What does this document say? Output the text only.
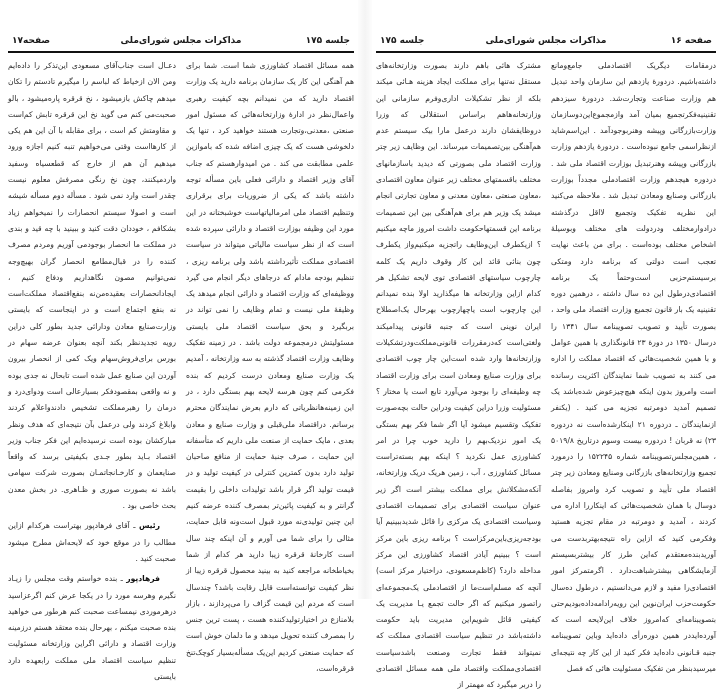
جلسه ۱۷۵
مذاکرات مجلس شورای‌ملی
صفحه۱۷

همه مسائل اقتصاد کشاورزی شما است. شما برای هم آهنگی این کار یک سازمان برنامه دارید یک وزارت اقتصاد دارید که من نمیدانم بچه کیفیت رهبری واعمال‌نظر در ادارهٔ وزارتخانه‌هائی که مسئول امور صنعتی ،معدنی،وتجارت هستند خواهید کرد ، تنها یک دلخوشی هست که یک چیزی اضافه شده که باموازین علمی مطابقت می کند . من امیدوارهستم که جناب آقای وزیر اقتصاد و دارائی فعلی باین مسأله توجه داشته باشد که یکی از ضروریات برای برقراری وتنظیم اقتصاد ملی امرمالیاتهاست خوشبختانه در این مورد این وظیفه بوزارت اقتصاد و دارائی سپرده شده است که از نظر سیاست مالیاتی میتواند در سیاست اقتصادی مملکت تأثیرداشته باشد ولی برنامه ریزی ، تنظیم بودجه مادام که درجاهای دیگر انجام می گیرد ووظیفه‌ای که وزارت اقتصاد و دارائی انجام میدهد یک وظیفهٔ ملی نیست و تمام وظایف را نمی تواند در بربگیرد و بحق سیاست اقتصاد ملی بایستی مسئولیتش درمجموعه دولت باشد . در زمینه تفکیک وظایف وزارت اقتصاد گذشته به سه وزارتخانه ، آمدیم یک وزارت صنایع ومعادن درست کردیم که بنده فکرمی کنم چون هرسه لایحه بهم بستگی دارد ، در این زمینه‌هانظرياتی که دارم بعرض نمایندگان محترم برسانم. دراقتصاد ملی‌قبلی و وزارت صنایع و معادن بعدی ، مایک حمایت از صنعت ملی داریم که متأسفانه این حمایت ، صرف جنبهٔ حمایت از منافع صاحبان تولید دارد بدون کمترین کنترلی در کیفیت تولید و در قیمت تولید اگر قرار باشد تولیدات داخلی را بقیمت گرانتر و به کیفیت پائین‌تر بمصرف کننده عرضه کنیم این چنین تولیدی‌نه مورد قبول است‌ونه قابل حمایت، مثالی را برای شما می آورم و آن اینکه چند سال است کارخانهٔ قرقره زیبا دارید هر کدام از شما بخیاطخانه مراجعه کنید به بینید محصول قرقره زیبا از نظر کیفیت توانسته‌است قابل رقابت باشد؟ چندسال است که مردم این قیمت گزاف را می‌پردازند ، بازار بلامنازع در اختیارتولیدکننده هست ، پست ترین جنس را بمصرف کننده تحویل میدهد و ما دلمان خوش است که حمایت صنعتی کردیم این‌یک مسأله‌بسیار کوچک‌تنخ قرقره‌است،

دعـال است جناب‌آقای مسعودی این‌تذکر را داده‌ایم ومن الان ازخیاط که لباسم را میگیرم تادستم را تکان میدهم چاکش بازمیشود ، نخ قرقره پاره‌میشود ، بالو صحبت‌می کنم می گوید نخ این قرقره تابش کم‌است و مقاومتش کم است ، برای مقابله با آن این هم یکی از کارهااست وقتی می‌خواهیم تنبه کنیم اجازه ورود میدهیم آن هم از خارج که قطعسیاه وسفید واردمیکنند، چون نخ رنگی مصرفش معلوم نیست چقدر است وارد نمی شود . مسأله دوم مسأله شیشه است و اصولا سیستم انحصارات را نمیخواهم زیاد بشکافم ، خوددان دقت کنید و ببینید با چه قید و بندی در مملکت ما انحصار بوجودمی آوریم ومردم مصرف کننده را در قبال‌مطامع انحصار گران بهیچ‌وجه نمی‌توانیم مصون نگاهداریم ودفاع کنیم ، ایجادانحصارات بعقیده‌من‌نه بنفع‌اقتصاد مملکت‌است نه بنفع اجتماع است و در اینجاست که بایستی وزارت‌صنایع معادن ودارائی جدید بطور کلی دراین رویه تجدیدنظر بکند آنچه بعنوان عرضه سهام در بورس برای‌فروش‌سهام ویک کمی از انحصار بیرون آوردن این صنایع عمل شده است تابحال نه جدی بوده و نه واقعی بمقصودفکر بسیارعالی است ودوای‌درد و درمان را رهبرمملکت تشخیص دادندواعلام کردند وابلاغ کردند ولی درعمل بآن نتیجه‌ای که هدف ونظر مبارکشان بوده است نرسیده‌ایم این فکر جناب وزیر اقتصاد بـاید بطور جـدی بکیفیتی برسد که واقعاً صنایعمان و کارخـانجاتمـان بصورت شرکت سهامی باشد نه بصورت صوری و ظـاهری. در بخش معدن بحث خاصی بود .

رئیس ـ آقای فرهادپور بهتراست هرکدام ازاین مطالب را در موقع خود که لایحه‌اش مطرح میشود صحبت کنید .

فرهادپور ـ بنده خواستم وقت مجلس را زیـاد نگیرم وهرسه مورد را در یکجا عرض کنم اگرعزاسید درهرموردی نیمساعت صحبت کنم هرطور می خواهید بنده صحبت میکنم ، بهرحال بنده معتقد هستم درزمینه وزارت اقتصاد و دارائی اگراین وزارتخانه مسئولیت تنظیم سیاست اقتصاد ملی مملکت رابعهده دارد بایستی

صفحه ۱۶
مذاکرات مجلس شورای‌ملی
جلسه ۱۷۵

درمقامات دیگریک اقتصادملی جامع‌ومانع داشته‌باشیم. دردورهٔ یازدهم این سازمان واحد تبدیل هم وزارت صناعت وتجارت‌شد. دردورهٔ سیزدهم تقنینیه‌فکرتجمیع بمیان آمد وازمجموع‌این‌دوسازمان وزارت‌بازرگانی وپیشه وهنربوجودآمد . این‌اسم‌شاید ازنظراسمی جامع نبوده‌است . دردورهٔ یازدهم وزارت بازرگانی وپیشه وهنرتبدیل بوزارت اقتصاد ملی شد . دردوره هیجدهم وزارت اقتصادملی مجدداً بوزارت بازرگانی وصنایع ومعادن تبدیل شد . ملاحظه می‌کنید این نظریه تفکیک وتجمیع لااقل درگذشته درادوارمختلف ودردولت های مختلف وبوسیلهٔ اشخاص مختلف بوده‌است . برای من باعث نهایت تعجب است دولتی که برنامه دارد ومتکی برسیستم‌حزبی است‌وحتماً یک برنامه اقتصادی‌درطول این ده سال داشته ، درهمین دوره تقنینیه یک بار قانون تجمیع وزارت اقتصاد ملی واحد ، بصورت تأیید و تصویب تصویبنامه سال ۱۳۴۱ را درسال ۱۳۵۰ در دورهٔ ۲۳ قانونگذاری با همین عوامل و با همین شخصیت‌هائی که اقتصاد مملکت را اداره می کنند به تصویب شما نمایندگان اکثریت رسانده است وامروز بدون اینکه هیچ‌چیزعوض شده‌باشد یک تصمیم آمدید دومرتبه تجزیه می کنید . (یکنفر ازنمایندگان ـ دردوره ۲۱ اینکارشده‌است نه دردوره ۲۳) نه قربان ! دردوره بیست وسوم درتاریخ ۵۰۱۹/۸ ، همین‌مجلس‌تصویبنامه شماره ۱۵۲۲۴۵ را درمورد تجمیع وزارتخانه‌های بازرگانی وصنایع ومعادن زیر چتر اقتصاد ملی تأیید و تصویب کرد وامروز بفاصله دوسال با همان شخصیت‌هائی که اینکاررا اداره می کردند ، آمدید و دومرتبه در مقام تجزیه هستید وفکرمی کنید که ازاین راه نتیجه‌بهتربدست می آوریدبنده‌معتقدم که‌این طرز کار بیشتربسیستم آزمایشگاهی بیشترشباهت‌دارد . اگرمتمرکز امور اقتصادی‌را مفید و لازم می‌دانستیم ، درطول ده‌سال حکومت‌حزب ایران‌نوین این رویه‌رادامه‌داده‌بودیم‌حتی بتصویبنامه‌ای که‌امروز خلاف این‌لایحه است که آورده‌اید‌در همین دوره‌رأی داده‌اید وباین تصویبنامه جنبه قـانونی داده‌اید فکر کنید از این کار چه نتیجه‌ای میرسید‌بنظر من تفکیک مسئولیت هائی که فصل

مشترک هائی باهم دارند بصورت وزارتخانه‌های مستقل نه‌تنها برای مملکت ایجاد هزینه هـائی میکند بلکه از نظر تشکیلات اداری‌وفرم سازمانی این وزارتخانه‌هاهم براساس استقلالی که وزرا دروظایفشان دارند درعمل مارا بیک سیستم عدم هم‌آهنگی بین‌تصمیمات میرساند. این وظایف زیر چتر وزارت اقتصاد ملی بصورتی که دیدید باسازمانهای مختلف باقسمتهای مختلف زیر عنوان معاون اقتصادی ،معاون صنعتی ،معاون معدنی و معاون تجارتی انجام میشد یک وزیر هم برای هم‌آهنگی بین این تصمیمات برنامه این قسمتهاحکومت داشت امروز ماچه میکنیم ؟ ازیکطرف این‌وظایف راتجزیه میکنیم‌واز یکطرف چون بنائی قائد این کار وقوف داریم یک کلمه چارچوب سیاستهای اقتصادی توی لایحه تشکیل هر کدام ازاین وزارتخانه ها میگذارید اولا بنده نمیدانم این چارچوب است یاچهارچوب بهرحال یک‌اصطلاح ایران نوینی است که جنبه قانونی پیدامیکند ولغتی‌است که‌درمقررات قانونی‌مملکت‌ودرتشکیلات وزارتخانه‌ها وارد شده است‌این چار چوب اقتصادی برای وزارت صنایع ومعادن است برای وزارت اقتصاد چه وظیفه‌ای را بوجود مي‌آورد تابع است یا مختار ؟ مسئولیت وزرا دراین کیفیت ودراین حالت بچه‌صورت تفکیک وتقسیم میشود آیا اگر شما فکر بهم بستگی یک امور نزدیک‌بهم را دارید خوب چرا در امر کشاورزی عمل نکردید ؟ اینکه بهم بسته‌تراست مسائل کشاورزی ، آب ، زمین هریک دریک وزارتخانه، آنکه‌مشکلاتش برای مملکت بیشتر است اگر زیر عنوان سیاست اقتصادی برای تصمیمات اقتصادی وسیاست اقتصادی یک مرکزی را قائل شدیدببینیم آیا بودجه‌ریزی‌باین‌مرکز‌است ؟ برنامه ریزی باین مرکز است ؟ ببینیم آیادر اقتصاد کشاورزی این مرکز مداخله دارد؟ (کاظم‌مسعودی، دراختیار مرکز است) آنچه که مسلم‌است‌ما از اقتصادملی یک‌مجموعه‌ای راتصور میکنیم که اگر حالت تجمع یـا مدیریت یک کیفیتی قائل شویم‌این مدیریت باید حکومت داشته‌باشد در تنظیم سیاست اقتصادی مملکت که نمیتواند فقط تجارت وصنعت باشدسیاست اقتصادی‌مملکت واقتصاد ملی همه مسائل اقتصادی را دربر میگیرد که مهمتر از
